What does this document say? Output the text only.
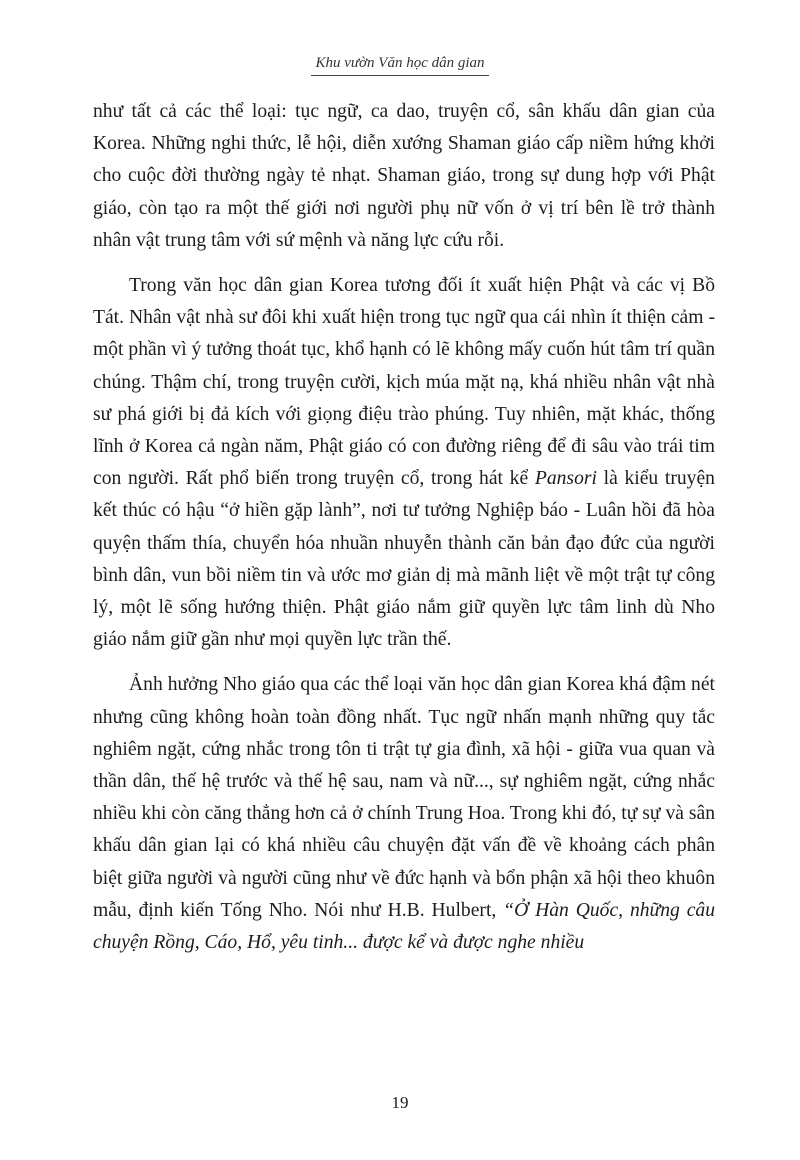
Khu vườn Văn học dân gian

như tất cả các thể loại: tục ngữ, ca dao, truyện cổ, sân khấu dân gian của Korea. Những nghi thức, lễ hội, diễn xướng Shaman giáo cấp niềm hứng khởi cho cuộc đời thường ngày tẻ nhạt. Shaman giáo, trong sự dung hợp với Phật giáo, còn tạo ra một thế giới nơi người phụ nữ vốn ở vị trí bên lề trở thành nhân vật trung tâm với sứ mệnh và năng lực cứu rỗi.

Trong văn học dân gian Korea tương đối ít xuất hiện Phật và các vị Bồ Tát. Nhân vật nhà sư đôi khi xuất hiện trong tục ngữ qua cái nhìn ít thiện cảm - một phần vì ý tưởng thoát tục, khổ hạnh có lẽ không mấy cuốn hút tâm trí quần chúng. Thậm chí, trong truyện cười, kịch múa mặt nạ, khá nhiều nhân vật nhà sư phá giới bị đả kích với giọng điệu trào phúng. Tuy nhiên, mặt khác, thống lĩnh ở Korea cả ngàn năm, Phật giáo có con đường riêng để đi sâu vào trái tim con người. Rất phổ biến trong truyện cổ, trong hát kể Pansori là kiểu truyện kết thúc có hậu “ở hiền gặp lành”, nơi tư tưởng Nghiệp báo - Luân hồi đã hòa quyện thấm thía, chuyển hóa nhuần nhuyễn thành căn bản đạo đức của người bình dân, vun bồi niềm tin và ước mơ giản dị mà mãnh liệt về một trật tự công lý, một lẽ sống hướng thiện. Phật giáo nắm giữ quyền lực tâm linh dù Nho giáo nắm giữ gần như mọi quyền lực trần thế.

Ảnh hưởng Nho giáo qua các thể loại văn học dân gian Korea khá đậm nét nhưng cũng không hoàn toàn đồng nhất. Tục ngữ nhấn mạnh những quy tắc nghiêm ngặt, cứng nhắc trong tôn ti trật tự gia đình, xã hội - giữa vua quan và thần dân, thế hệ trước và thế hệ sau, nam và nữ..., sự nghiêm ngặt, cứng nhắc nhiều khi còn căng thẳng hơn cả ở chính Trung Hoa. Trong khi đó, tự sự và sân khấu dân gian lại có khá nhiều câu chuyện đặt vấn đề về khoảng cách phân biệt giữa người và người cũng như về đức hạnh và bổn phận xã hội theo khuôn mẫu, định kiến Tống Nho. Nói như H.B. Hulbert, “Ở Hàn Quốc, những câu chuyện Rồng, Cáo, Hổ, yêu tinh... được kể và được nghe nhiều

19
